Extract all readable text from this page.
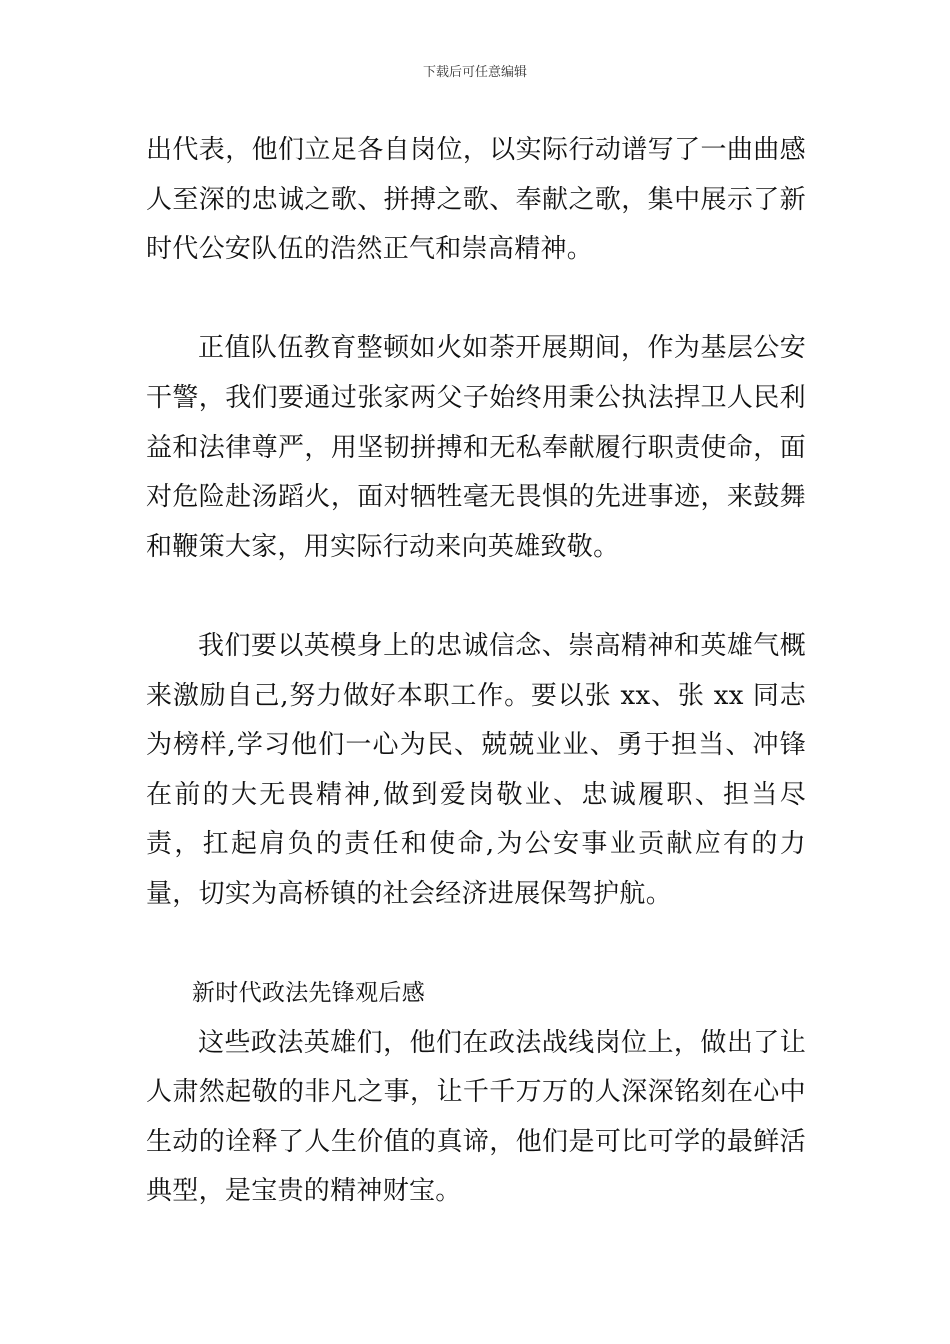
下载后可任意编辑

出代表，他们立足各自岗位，以实际行动谱写了一曲曲感人至深的忠诚之歌、拼搏之歌、奉献之歌，集中展示了新时代公安队伍的浩然正气和崇高精神。

正值队伍教育整顿如火如荼开展期间，作为基层公安干警，我们要通过张家两父子始终用秉公执法捍卫人民利益和法律尊严，用坚韧拼搏和无私奉献履行职责使命，面对危险赴汤蹈火，面对牺牲毫无畏惧的先进事迹，来鼓舞和鞭策大家，用实际行动来向英雄致敬。

我们要以英模身上的忠诚信念、崇高精神和英雄气概来激励自己,努力做好本职工作。要以张 xx、张 xx 同志为榜样,学习他们一心为民、兢兢业业、勇于担当、冲锋在前的大无畏精神,做到爱岗敬业、忠诚履职、担当尽责，扛起肩负的责任和使命,为公安事业贡献应有的力量，切实为高桥镇的社会经济进展保驾护航。

新时代政法先锋观后感

这些政法英雄们，他们在政法战线岗位上，做出了让人肃然起敬的非凡之事，让千千万万的人深深铭刻在心中生动的诠释了人生价值的真谛，他们是可比可学的最鲜活典型，是宝贵的精神财宝。
